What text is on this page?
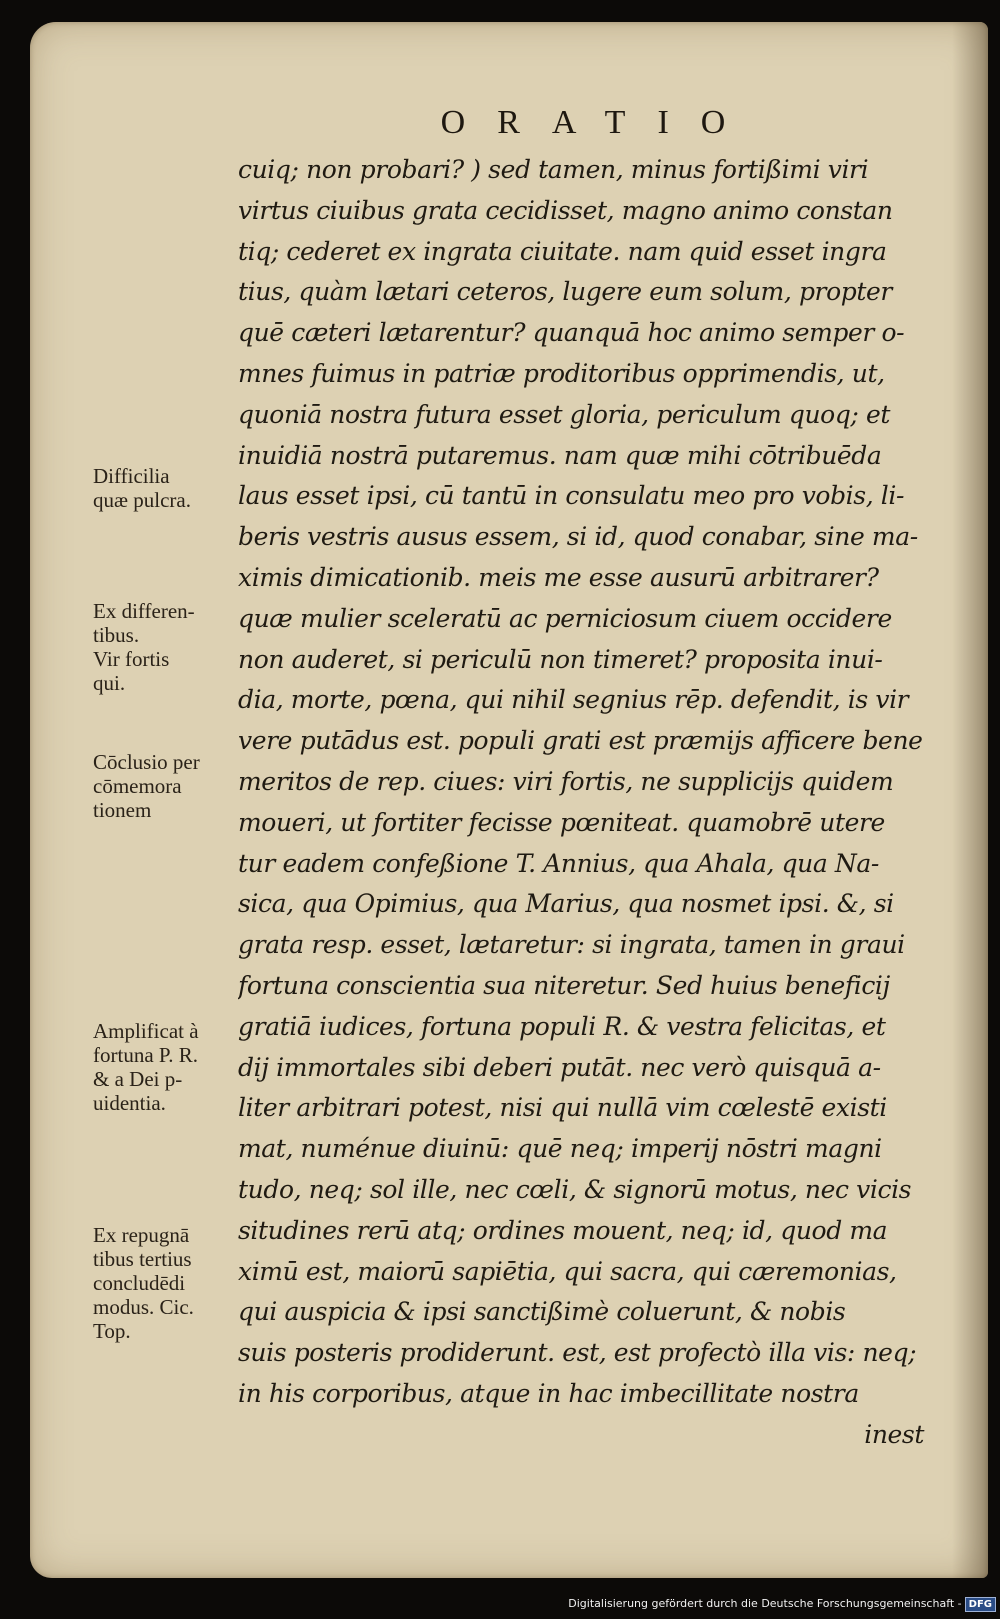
ORATIO
cuiq; non probari? ) sed tamen, minus fortißimi viri
virtus ciuibus grata cecidisset, magno animo constan
tiq; cederet ex ingrata ciuitate. nam quid esset ingra
tius, quàm lætari ceteros, lugere eum solum, propter
quē cæteri lætarentur? quanquā hoc animo semper o-
mnes fuimus in patriæ proditoribus opprimendis, ut,
quoniā nostra futura esset gloria, periculum quoq; et
inuidiā nostrā putaremus. nam quæ mihi cōtribuēda
laus esset ipsi, cū tantū in consulatu meo pro vobis, li-
beris vestris ausus essem, si id, quod conabar, sine ma-
ximis dimicationib. meis me esse ausurū arbitrarer?
quæ mulier sceleratū ac perniciosum ciuem occidere
non auderet, si periculū non timeret? proposita inui-
dia, morte, pœna, qui nihil segnius rēp. defendit, is vir
vere putādus est. populi grati est præmijs afficere bene
meritos de rep. ciues: viri fortis, ne supplicijs quidem
moueri, ut fortiter fecisse pœniteat. quamobrē utere
tur eadem confeßione T. Annius, qua Ahala, qua Na-
sica, qua Opimius, qua Marius, qua nosmet ipsi. &, si
grata resp. esset, lætaretur: si ingrata, tamen in graui
fortuna conscientia sua niteretur. Sed huius beneficij
gratiā iudices, fortuna populi R. & vestra felicitas, et
dij immortales sibi deberi putāt. nec verò quisquā a-
liter arbitrari potest, nisi qui nullā vim cœlestē existi
mat, numénue diuinū: quē neq; imperij nōstri magni
tudo, neq; sol ille, nec cœli, & signorū motus, nec vicis
situdines rerū atq; ordines mouent, neq; id, quod ma
ximū est, maiorū sapiētia, qui sacra, qui cæremonias,
qui auspicia & ipsi sanctißimè coluerunt, & nobis
suis posteris prodiderunt. est, est profectò illa vis: neq;
in his corporibus, atque in hac imbecillitate nostra
inest
Difficilia
quæ pulcra.
Ex differen-
tibus.
Vir fortis
qui.
Cōclusio per
cōmemora
tionem
Amplificat à
fortuna P. R.
& a Dei p-
uidentia.
Ex repugnā
tibus tertius
concludēdi
modus. Cic.
Top.
Digitalisierung gefördert durch die Deutsche Forschungsgemeinschaft - DFG
